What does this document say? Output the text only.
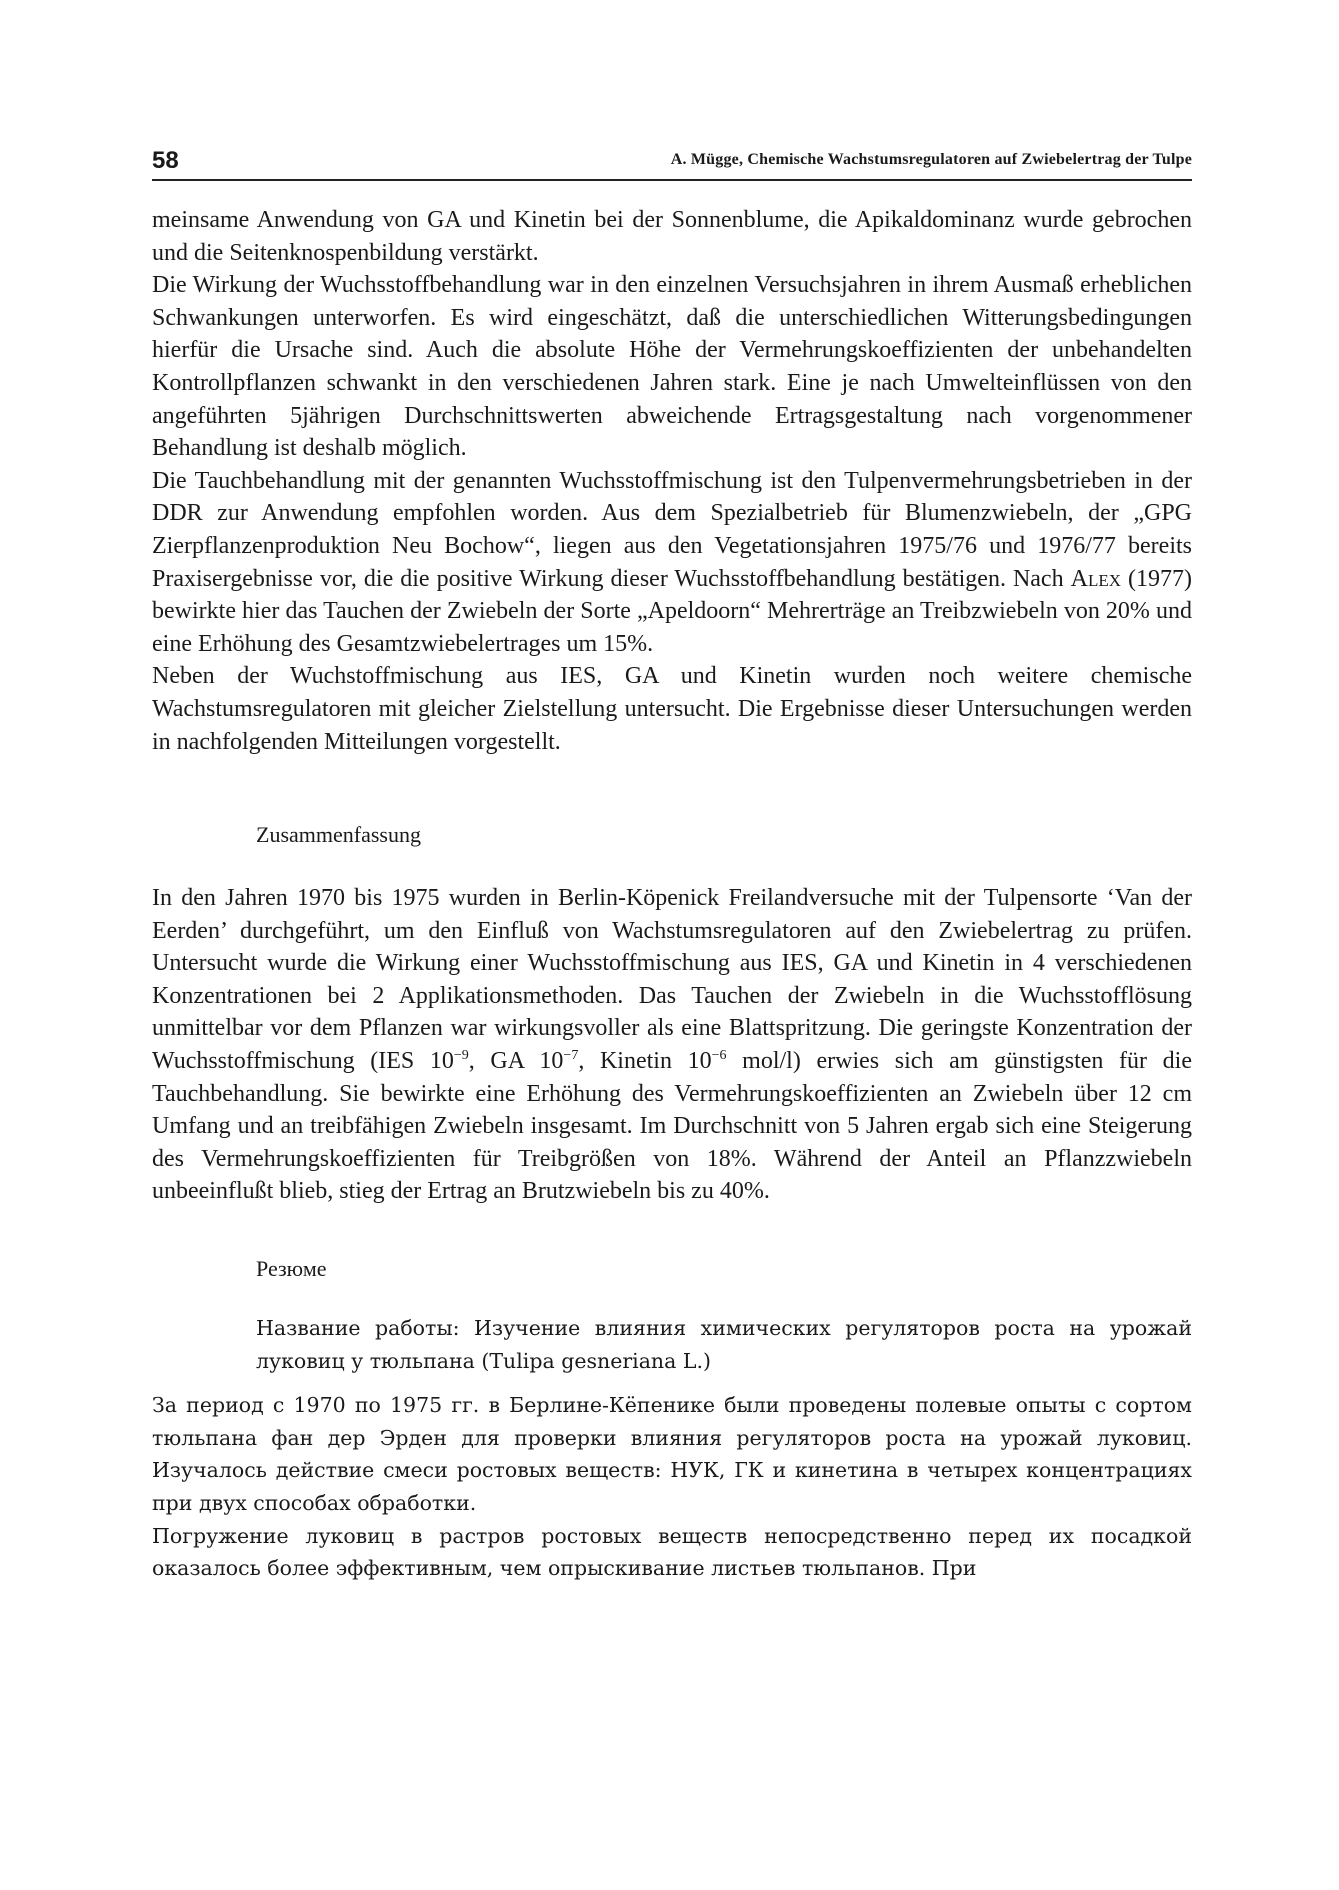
58	A. Mügge, Chemische Wachstumsregulatoren auf Zwiebelertrag der Tulpe

meinsame Anwendung von GA und Kinetin bei der Sonnenblume, die Apikaldominanz wurde gebrochen und die Seitenknospenbildung verstärkt.

Die Wirkung der Wuchsstoffbehandlung war in den einzelnen Versuchsjahren in ihrem Ausmaß erheblichen Schwankungen unterworfen. Es wird eingeschätzt, daß die unterschiedlichen Witterungsbedingungen hierfür die Ursache sind. Auch die absolute Höhe der Vermehrungskoeffizienten der unbehandelten Kontrollpflanzen schwankt in den verschiedenen Jahren stark. Eine je nach Umwelteinflüssen von den angeführten 5jährigen Durchschnittswerten abweichende Ertragsgestaltung nach vorgenommener Behandlung ist deshalb möglich.

Die Tauchbehandlung mit der genannten Wuchsstoffmischung ist den Tulpenvermehrungsbetrieben in der DDR zur Anwendung empfohlen worden. Aus dem Spezialbetrieb für Blumenzwiebeln, der „GPG Zierpflanzenproduktion Neu Bochow“, liegen aus den Vegetationsjahren 1975/76 und 1976/77 bereits Praxisergebnisse vor, die die positive Wirkung dieser Wuchsstoffbehandlung bestätigen. Nach Alex (1977) bewirkte hier das Tauchen der Zwiebeln der Sorte „Apeldoorn“ Mehrerträge an Treibzwiebeln von 20% und eine Erhöhung des Gesamtzwiebelertrages um 15%.

Neben der Wuchstoffmischung aus IES, GA und Kinetin wurden noch weitere chemische Wachstumsregulatoren mit gleicher Zielstellung untersucht. Die Ergebnisse dieser Untersuchungen werden in nachfolgenden Mitteilungen vorgestellt.

Zusammenfassung

In den Jahren 1970 bis 1975 wurden in Berlin-Köpenick Freilandversuche mit der Tulpensorte ‘Van der Eerden’ durchgeführt, um den Einfluß von Wachstumsregulatoren auf den Zwiebelertrag zu prüfen. Untersucht wurde die Wirkung einer Wuchsstoffmischung aus IES, GA und Kinetin in 4 verschiedenen Konzentrationen bei 2 Applikationsmethoden. Das Tauchen der Zwiebeln in die Wuchsstofflösung unmittelbar vor dem Pflanzen war wirkungsvoller als eine Blattspritzung. Die geringste Konzentration der Wuchsstoffmischung (IES $10^{-9}$, GA $10^{-7}$, Kinetin $10^{-6}$ mol/l) erwies sich am günstigsten für die Tauchbehandlung. Sie bewirkte eine Erhöhung des Vermehrungskoeffizienten an Zwiebeln über 12 cm Umfang und an treibfähigen Zwiebeln insgesamt. Im Durchschnitt von 5 Jahren ergab sich eine Steigerung des Vermehrungskoeffizienten für Treibgrößen von 18%. Während der Anteil an Pflanzzwiebeln unbeeinflußt blieb, stieg der Ertrag an Brutzwiebeln bis zu 40%.

Резюме

Название работы: Изучение влияния химических регуляторов роста на урожай луковиц у тюльпана (Tulipa gesneriana L.)

За период с 1970 по 1975 гг. в Берлине-Кёпенике были проведены полевые опыты с сортом тюльпана фан дер Эрден для проверки влияния регуляторов роста на урожай луковиц. Изучалось действие смеси ростовых веществ: НУК, ГК и кинетина в четырех концентрациях при двух способах обработки.

Погружение луковиц в растров ростовых веществ непосредственно перед их посадкой оказалось более эффективным, чем опрыскивание листьев тюльпанов. При
